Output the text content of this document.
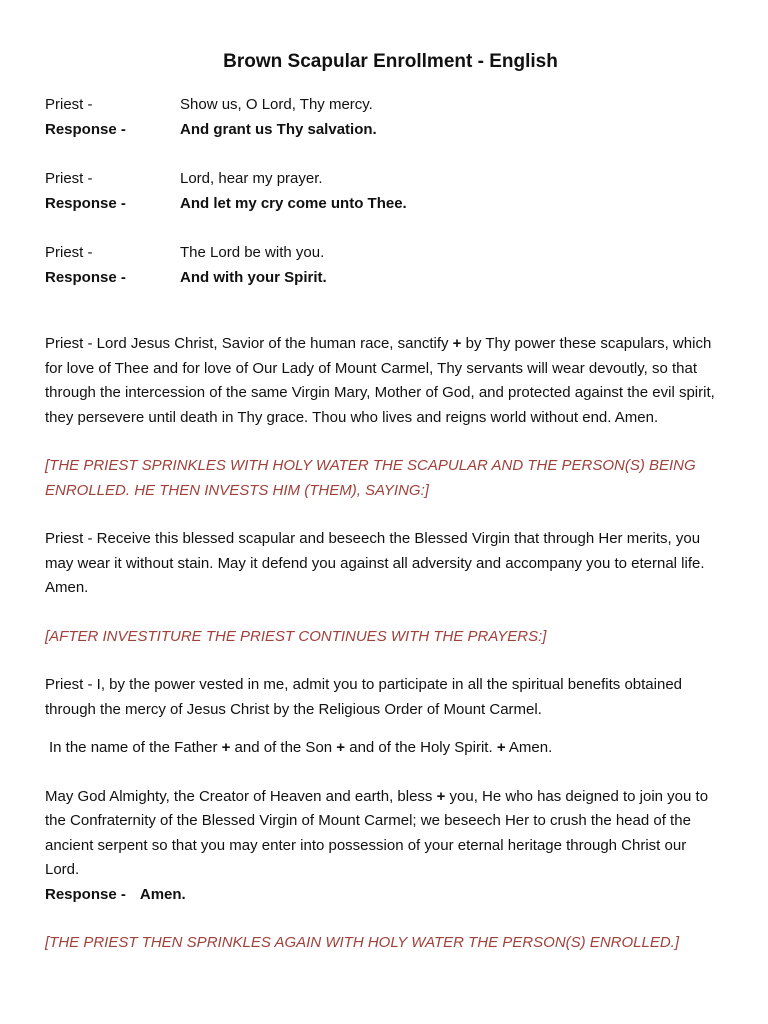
Brown Scapular Enrollment - English
Priest -	Show us, O Lord, Thy mercy.
Response -	And grant us Thy salvation.
Priest -	Lord, hear my prayer.
Response -	And let my cry come unto Thee.
Priest -	The Lord be with you.
Response -	And with your Spirit.

Priest - Lord Jesus Christ, Savior of the human race, sanctify + by Thy power these scapulars, which for love of Thee and for love of Our Lady of Mount Carmel, Thy servants will wear devoutly, so that through the intercession of the same Virgin Mary, Mother of God, and protected against the evil spirit, they persevere until death in Thy grace. Thou who lives and reigns world without end. Amen.

[THE PRIEST SPRINKLES WITH HOLY WATER THE SCAPULAR AND THE PERSON(S) BEING ENROLLED. HE THEN INVESTS HIM (THEM), SAYING:]

Priest - Receive this blessed scapular and beseech the Blessed Virgin that through Her merits, you may wear it without stain. May it defend you against all adversity and accompany you to eternal life. Amen.

[AFTER INVESTITURE THE PRIEST CONTINUES WITH THE PRAYERS:]

Priest - I, by the power vested in me, admit you to participate in all the spiritual benefits obtained through the mercy of Jesus Christ by the Religious Order of Mount Carmel.

In the name of the Father + and of the Son + and of the Holy Spirit. + Amen.

May God Almighty, the Creator of Heaven and earth, bless + you, He who has deigned to join you to the Confraternity of the Blessed Virgin of Mount Carmel; we beseech Her to crush the head of the ancient serpent so that you may enter into possession of your eternal heritage through Christ our Lord.

Response - Amen.

[THE PRIEST THEN SPRINKLES AGAIN WITH HOLY WATER THE PERSON(S) ENROLLED.]
